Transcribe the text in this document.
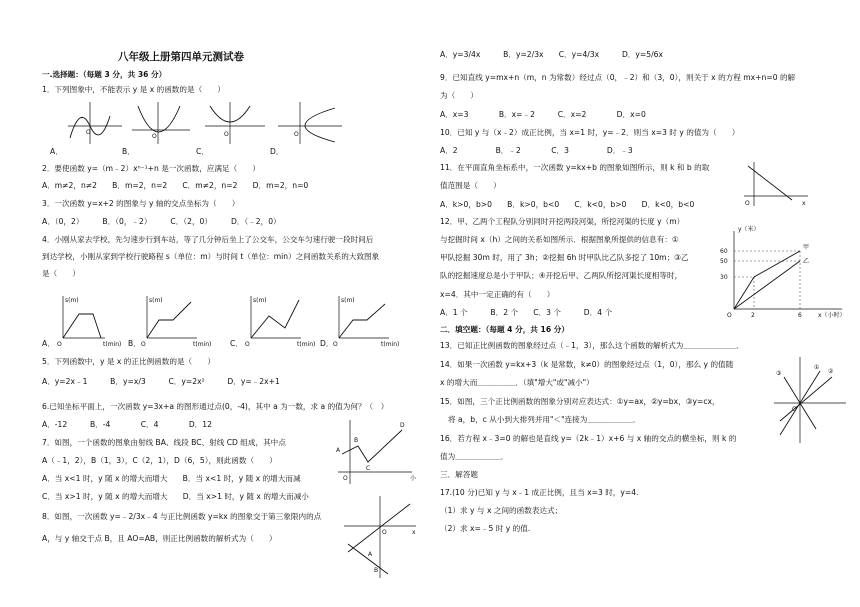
八年级上册第四单元测试卷
一.选择题：（每题 3 分，共 36 分）
1．下列图象中，不能表示 y 是 x 的函数的是（　　）
O
O	O	O
A．	B．	C．	D．
2．要使函数 y=（m﹣2）xⁿ⁻¹+n 是一次函数，应满足（　　）
A．m≠2，n≠2　　B．m=2，n=2　　C．m≠2，n=2　　D．m=2，n=0
3．一次函数 y=x+2 的图象与 y 轴的交点坐标为（　　）
A．（0，2）　　　B．（0，﹣2）　　　C．（2，0）　　　D．（﹣2，0）
4．小刚从家去学校，先匀速步行到车站，等了几分钟后坐上了公交车，公交车匀速行驶一段时间后
到达学校，小刚从家到学校行驶路程 s（单位：m）与时间 t（单位：min）之间函数关系的大致图象
是（　　）
s(m)
t(min)
O
s(m)
t(min)
O
s(m)
t(min)
O
s(m)
t(min)
O
A．	B．	C．	D．
5．下列函数中，y 是 x 的正比例函数的是（　　）
A．y=2x﹣1　　　B．y=x/3　　　C．y=2x²　　　D．y=﹣2x+1
6.已知坐标平面上，一次函数 y=3x+a 的图形通过点(0，-4)，其中 a 为一数，求 a 的值为何？（　）
A．-12　　　B．-4　　　　C．4　　　　D．12
7．如图，一个函数的图象由射线 BA、线段 BC、射线 CD 组成，其中点
A（﹣1，2），B（1，3），C（2，1），D（6，5），则此函数（　　）
A．当 x<1 时，y 随 x 的增大而增大　　B．当 x<1 时，y 随 x 的增大而减
C．当 x>1 时，y 随 x 的增大而增大　　D．当 x>1 时，y 随 x 的增大而减小
8．如图，一次函数 y=﹣2/3x﹣4 与正比例函数 y=kx 的图象交于第三象限内的点
A，与 y 轴交于点 B，且 AO=AB，则正比例函数的解析式为（　　）
A
B
C
D
O	小
O
A
B
x
A．y=3/4x　　　B．y=2/3x　　C．y=4/3x　　　D．y=5/6x
9．已知直线 y=mx+n（m，n 为常数）经过点（0，﹣2）和（3，0），则关于 x 的方程 mx+n=0 的解
为（　　）
A．x=3　　　　B．x=﹣2　　　C．x=2　　　　D．x=0
10．已知 y 与（x﹣2）成正比例，当 x=1 时，y=﹣2．则当 x=3 时 y 的值为（　　）
A．2　　　　　B．﹣2　　　　C．3　　　　　D．﹣3
11．在平面直角坐标系中，一次函数 y=kx+b 的图象如图所示，则 k 和 b 的取
值范围是（　　）
A．k>0，b>0　　B．k>0，b<0　　C．k<0，b>0　　D．k<0，b<0	O	x
12．甲、乙两个工程队分别同时开挖两段河渠，所挖河渠的长度 y（m）
与挖掘时间 x（h）之间的关系如图所示．根据图象所提供的信息有：①
甲队挖掘 30m 时，用了 3h；②挖掘 6h 时甲队比乙队多挖了 10m；③乙
队的挖掘速度总是小于甲队；④开挖后甲、乙两队所挖河渠长度相等时，
x=4．其中一定正确的有（　　）
A．1 个　　　B．2 个　　C．3 个　　　D．4 个
y（米）
60
50
30
2	6
甲
乙
O	x（小时）
二．填空题：（每题 4 分，共 16 分）
13．已知正比例函数的图象经过点（﹣1，3），那么这个函数的解析式为＿＿＿＿＿＿＿．
14．如果一次函数 y=kx+3（k 是常数，k≠0）的图象经过点（1，0），那么 y 的值随
x 的增大而＿＿＿＿＿．（填"增大"或"减小"）
15．如图，三个正比例函数的图象分别对应表达式：①y=ax，②y=bx，③y=cx，
将 a，b，c 从小到大排列并用"＜"连接为＿＿＿＿＿＿．
①
②
③
O
16．若方程 x﹣3=0 的解也是直线 y=（2k﹣1）x+6 与 x 轴的交点的横坐标，则 k 的
值为＿＿＿＿＿＿．
三．解答题
17.(10 分)已知 y 与 x﹣1 成正比例，且当 x=3 时，y=4.
（1）求 y 与 x 之间的函数表达式；
（2）求 x=﹣5 时 y 的值.
